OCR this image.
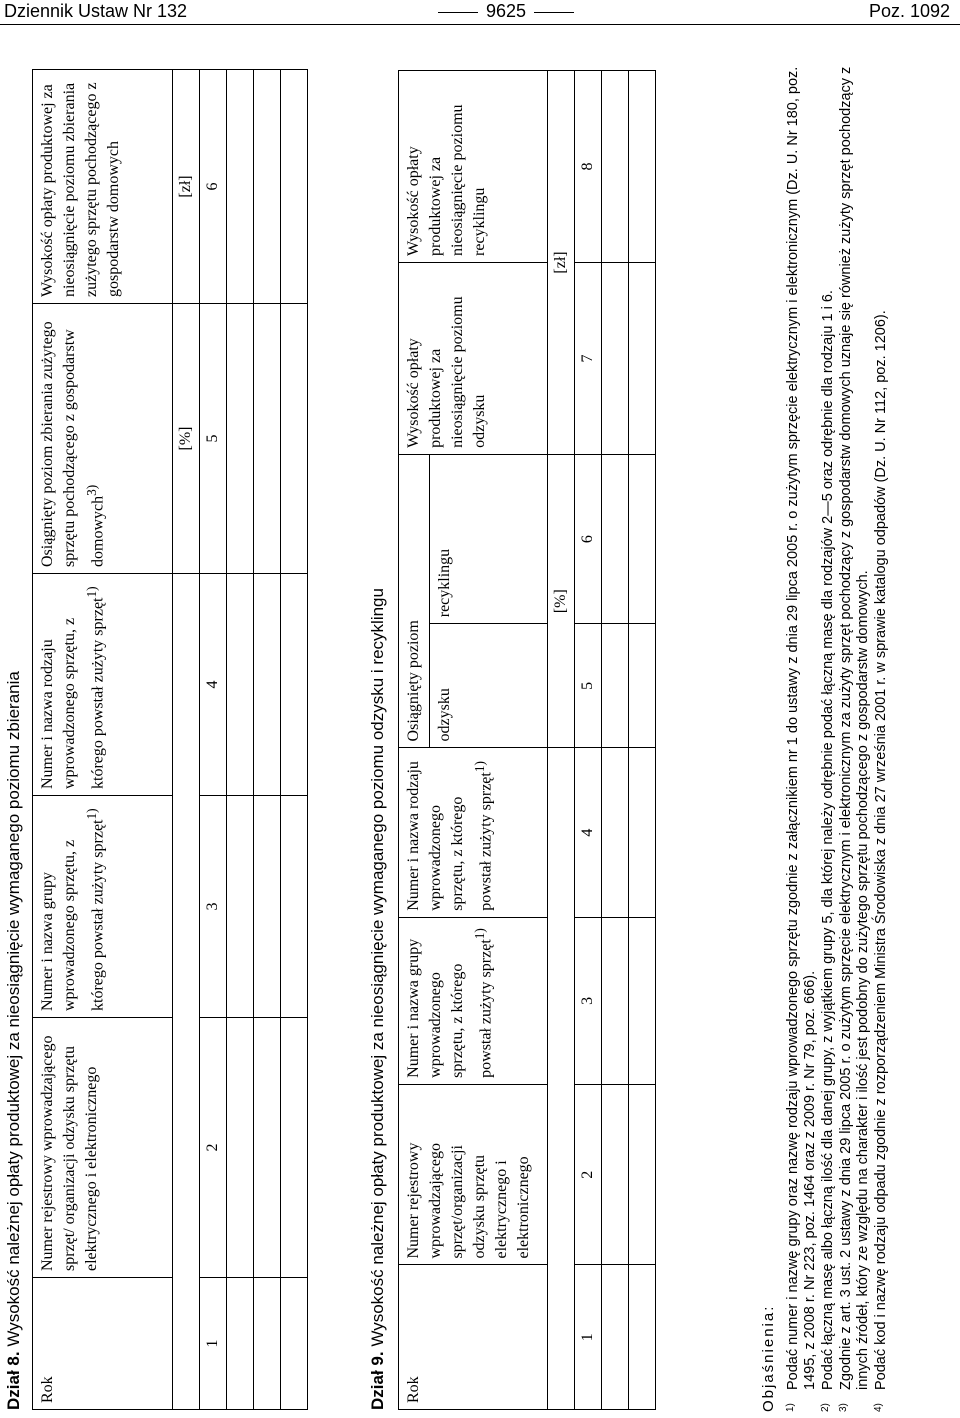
Dziennik Ustaw Nr 132	9625	Poz. 1092
Dział 8. Wysokość należnej opłaty produktowej za nieosiągnięcie wymaganego poziomu zbierania
Rok	Numer rejestrowy wprowadzającego sprzęt/ organizacji odzysku sprzętu elektrycznego i elektronicznego	Numer i nazwa grupy wprowadzonego sprzętu, z którego powstał zużyty sprzęt$^{1)}$	Numer i nazwa rodzaju wprowadzonego sprzętu, z którego powstał zużyty sprzęt$^{1)}$	Osiągnięty poziom zbierania zużytego sprzętu pochodzącego z gospodarstw domowych$^{3)}$	Wysokość opłaty produktowej za nieosiągnięcie poziomu zbierania zużytego sprzętu pochodzącego z gospodarstw domowych
				[%]	[zł]
1	2	3	4	5	6

Dział 9. Wysokość należnej opłaty produktowej za nieosiągnięcie wymaganego poziomu odzysku i recyklingu
Rok	Numer rejestrowy wprowadzającego sprzęt/organizacji odzysku sprzętu elektrycznego i elektronicznego	Numer i nazwa grupy wprowadzonego sprzętu, z którego powstał zużyty sprzęt$^{1)}$	Numer i nazwa rodzaju wprowadzonego sprzętu, z którego powstał zużyty sprzęt$^{1)}$	Osiągnięty poziom		Wysokość opłaty produktowej za nieosiągnięcie poziomu odzysku	Wysokość opłaty produktowej za nieosiągnięcie poziomu recyklingu
				odzysku	recyklingu		
				[%]		[zł]	
1	2	3	4	5	6	7	8

Objaśnienia: 1)
Podać numer i nazwę grupy oraz nazwę rodzaju wprowadzonego sprzętu zgodnie z załącznikiem nr 1 do ustawy z dnia 29 lipca 2005 r. o zużytym sprzęcie elektrycznym i elektronicznym (Dz. U. Nr 180, poz. 1495, z 2008 r. Nr 223, poz. 1464 oraz z 2009 r. Nr 79, poz. 666).
2)
Podać łączną masę albo łączną ilość dla danej grupy, z wyjątkiem grupy 5, dla której należy odrębnie podać łączną masę dla rodzajów 2—5 oraz odrębnie dla rodzaju 1 i 6.
3)
Zgodnie z art. 3 ust. 2 ustawy z dnia 29 lipca 2005 r. o zużytym sprzęcie elektrycznym i elektronicznym za zużyty sprzęt pochodzący z gospodarstw domowych uznaje się również zużyty sprzęt pochodzący z innych źródeł, który ze względu na charakter i ilość jest podobny do zużytego sprzętu pochodzącego z gospodarstw domowych.
4)
Podać kod i nazwę rodzaju odpadu zgodnie z rozporządzeniem Ministra Środowiska z dnia 27 września 2001 r. w sprawie katalogu odpadów (Dz. U. Nr 112, poz. 1206).
